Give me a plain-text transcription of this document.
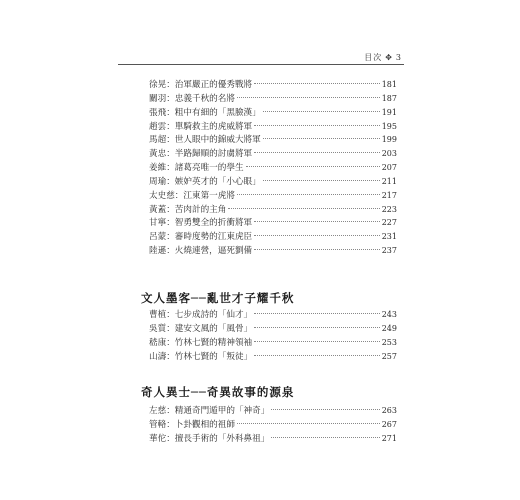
目次 ✥ 3
徐晃：治軍嚴正的優秀戰將	181
關羽：忠義千秋的名將	187
張飛：粗中有細的「黑臉漢」	191
趙雲：單騎救主的虎威將軍	195
馬超：世人眼中的錦威大將軍	199
黃忠：半路歸順的討虜將軍	203
姜維：諸葛亮唯一的學生	207
周瑜：嫉妒英才的「小心眼」	211
太史慈：江東第一虎將	217
黃蓋：苦肉計的主角	223
甘寧：智勇雙全的折衝將軍	227
呂蒙：審時度勢的江東虎臣	231
陸遜：火燒連營，逼死劉備	237
文人墨客──亂世才子耀千秋
曹植：七步成詩的「仙才」	243
吳質：建安文風的「風骨」	249
嵇康：竹林七賢的精神領袖	253
山濤：竹林七賢的「叛徒」	257
奇人異士──奇異故事的源泉
左慈：精通奇門遁甲的「神奇」	263
管輅：卜卦觀相的祖師	267
華佗：擅長手術的「外科鼻祖」	271
